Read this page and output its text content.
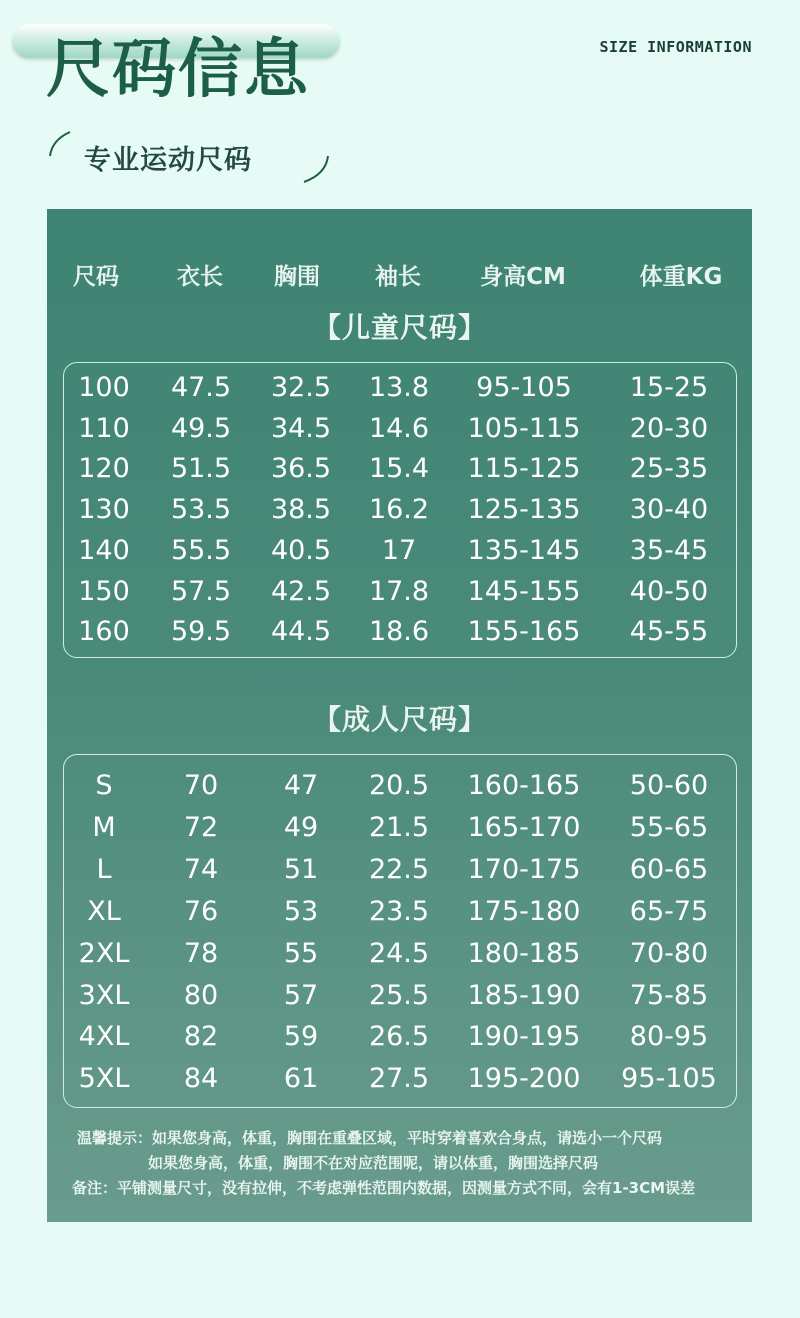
尺码信息	SIZE INFORMATION
专业运动尺码
尺码	衣长 胸围 袖长	身高CM	体重KG
【儿童尺码】
100 47.5 32.5 13.8 95-105 15-25
110 49.5 34.5 14.6 105-115 20-30
120 51.5 36.5 15.4 115-125 25-35
130 53.5 38.5 16.2 125-135 30-40
140 55.5 40.5 17 135-145 35-45
150 57.5 42.5 17.8 145-155 40-50
160 59.5 44.5 18.6 155-165 45-55
【成人尺码】
S	70 47 20.5 160-165 50-60
M	72 49 21.5 165-170 55-65
L	74 51 22.5 170-175 60-65
XL 76 53 23.5 175-180 65-75
2XL 78 55 24.5 180-185 70-80
3XL 80 57 25.5 185-190 75-85
4XL 82 59 26.5 190-195 80-95
5XL 84 61 27.5 195-200 95-105
温馨提示：如果您身高，体重，胸围在重叠区域，平时穿着喜欢合身点，请选小一个尺码
如果您身高，体重，胸围不在对应范围呢，请以体重，胸围选择尺码
备注：平铺测量尺寸，没有拉伸，不考虑弹性范围内数据，因测量方式不同，会有1-3CM误差
